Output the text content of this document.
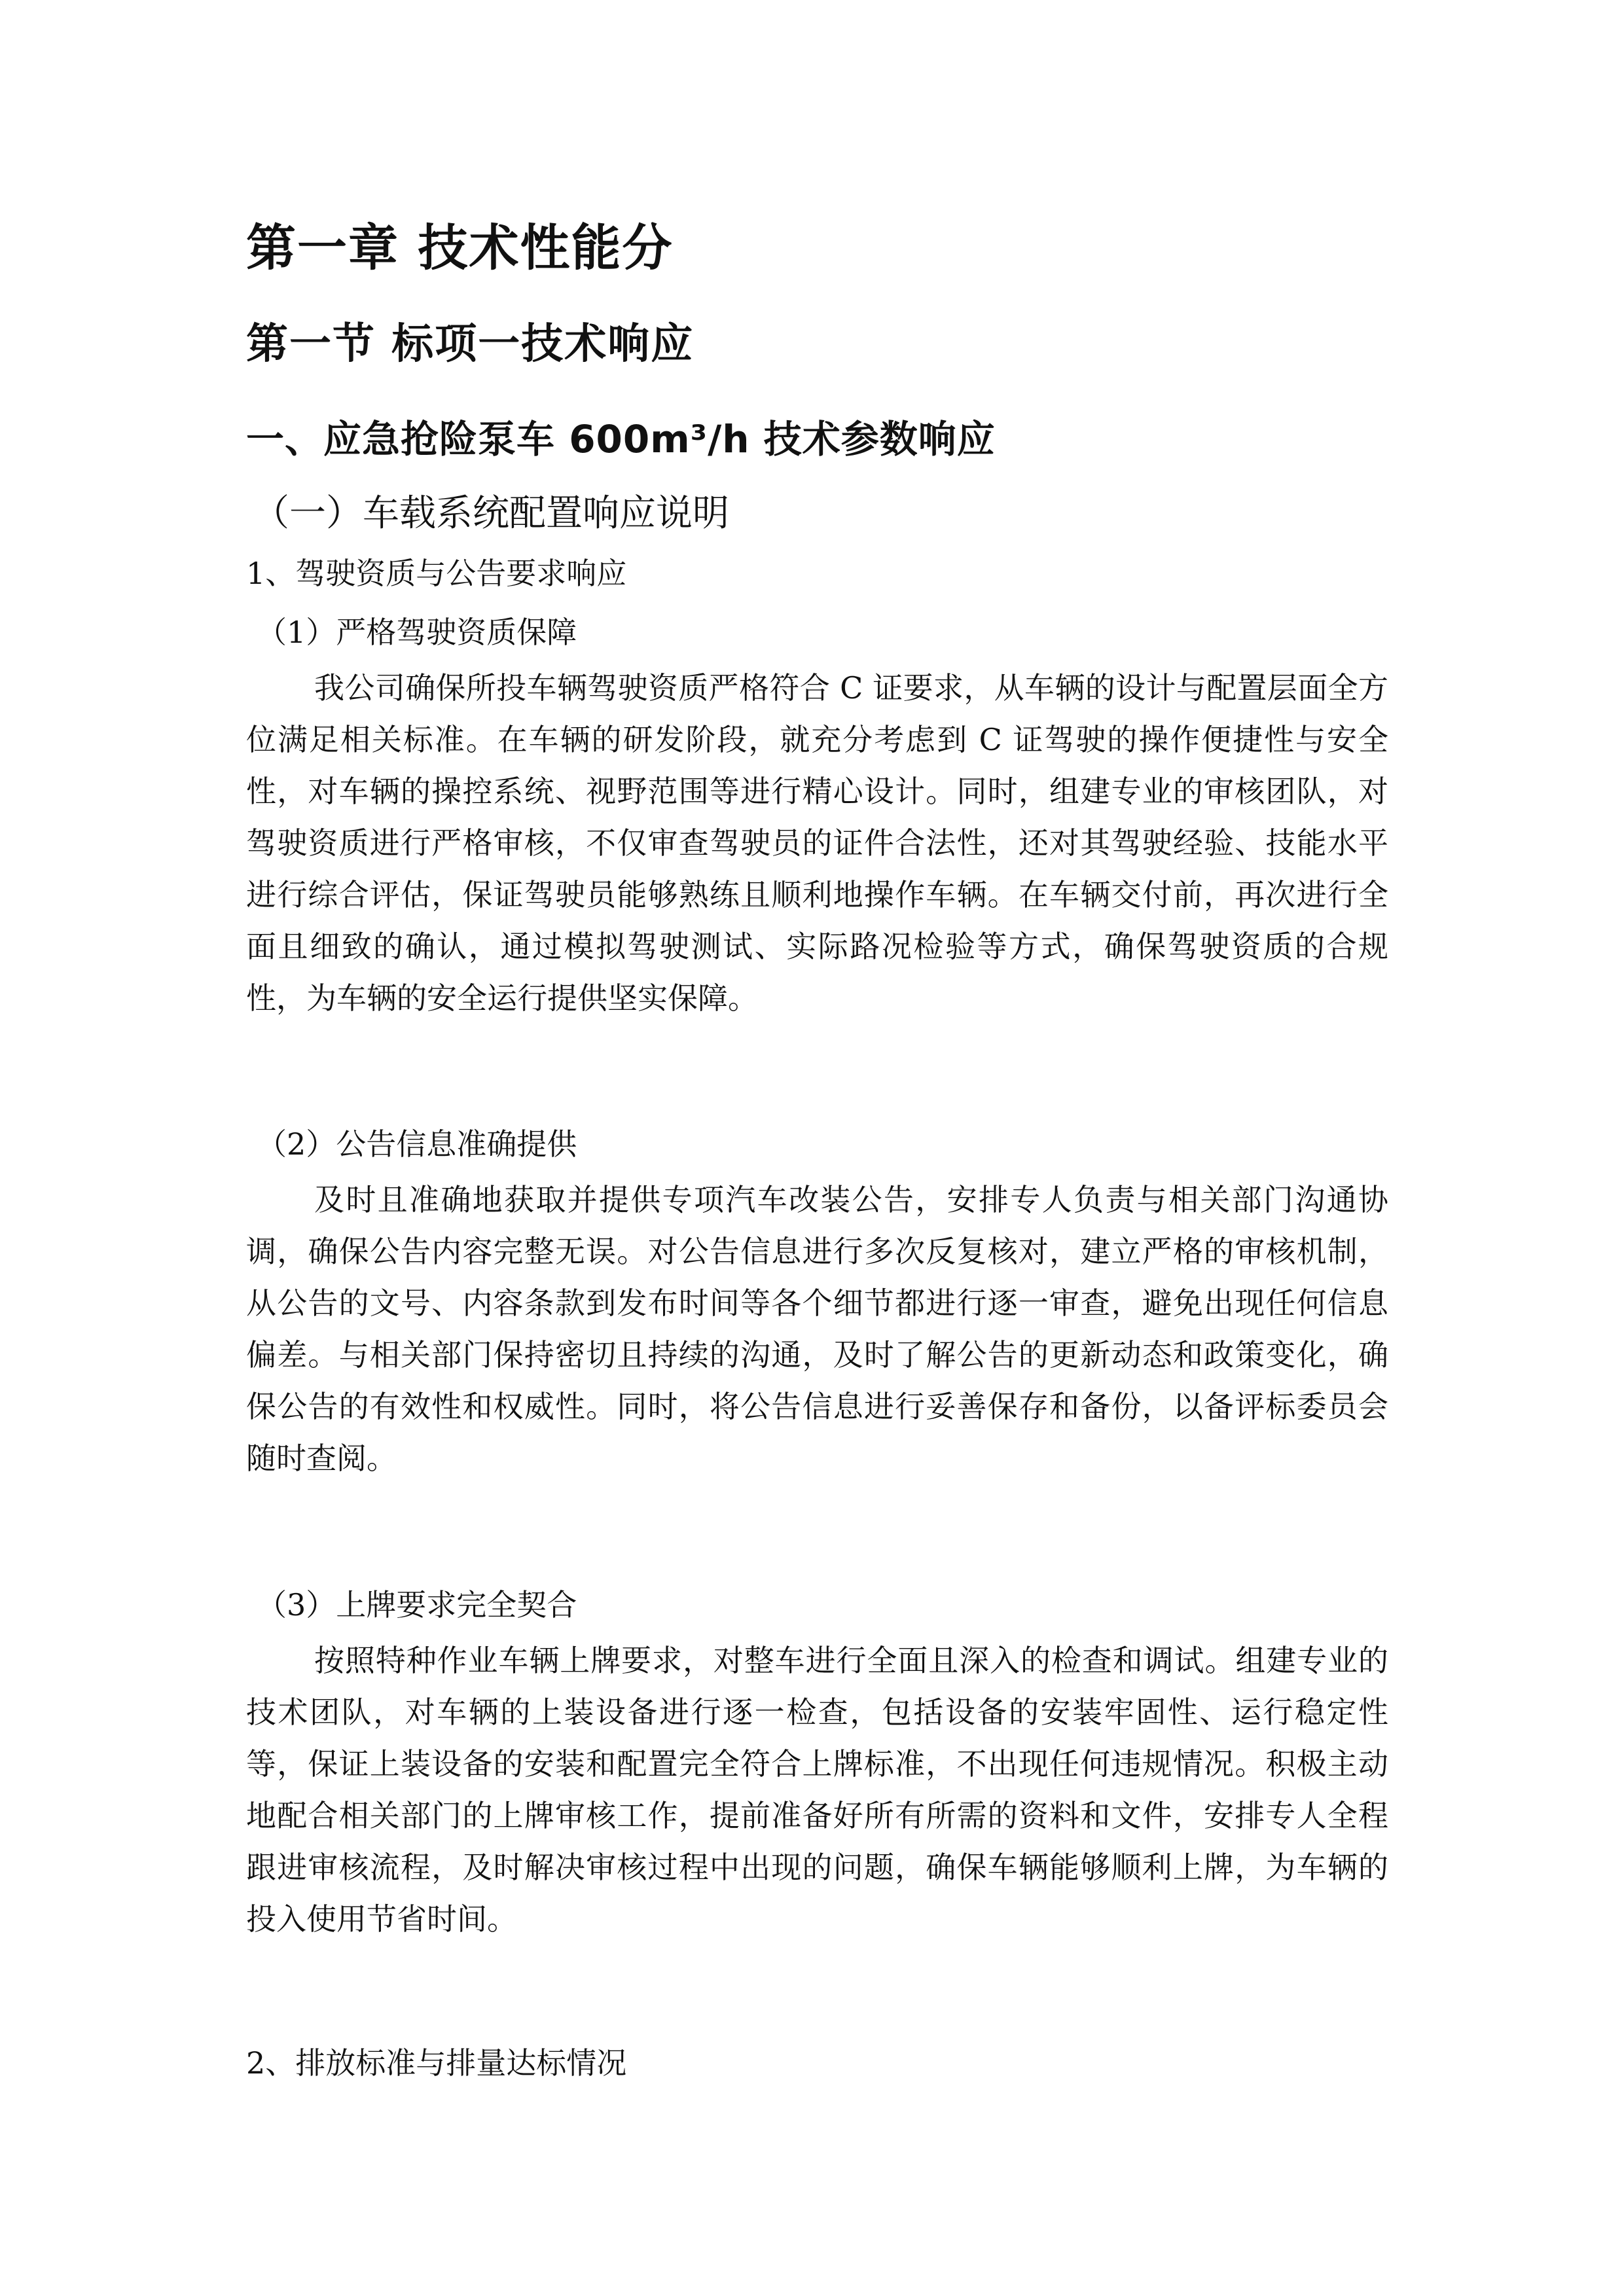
第一章 技术性能分
第一节 标项一技术响应
一、应急抢险泵车 600m³/h 技术参数响应
（一）车载系统配置响应说明
1、驾驶资质与公告要求响应
（1）严格驾驶资质保障

我公司确保所投车辆驾驶资质严格符合 C 证要求，从车辆的设计与配置层面全方位满足相关标准。在车辆的研发阶段，就充分考虑到 C 证驾驶的操作便捷性与安全性，对车辆的操控系统、视野范围等进行精心设计。同时，组建专业的审核团队，对驾驶资质进行严格审核，不仅审查驾驶员的证件合法性，还对其驾驶经验、技能水平进行综合评估，保证驾驶员能够熟练且顺利地操作车辆。在车辆交付前，再次进行全面且细致的确认，通过模拟驾驶测试、实际路况检验等方式，确保驾驶资质的合规性，为车辆的安全运行提供坚实保障。

（2）公告信息准确提供

及时且准确地获取并提供专项汽车改装公告，安排专人负责与相关部门沟通协调，确保公告内容完整无误。对公告信息进行多次反复核对，建立严格的审核机制，从公告的文号、内容条款到发布时间等各个细节都进行逐一审查，避免出现任何信息偏差。与相关部门保持密切且持续的沟通，及时了解公告的更新动态和政策变化，确保公告的有效性和权威性。同时，将公告信息进行妥善保存和备份，以备评标委员会随时查阅。

（3）上牌要求完全契合

按照特种作业车辆上牌要求，对整车进行全面且深入的检查和调试。组建专业的技术团队，对车辆的上装设备进行逐一检查，包括设备的安装牢固性、运行稳定性等，保证上装设备的安装和配置完全符合上牌标准，不出现任何违规情况。积极主动地配合相关部门的上牌审核工作，提前准备好所有所需的资料和文件，安排专人全程跟进审核流程，及时解决审核过程中出现的问题，确保车辆能够顺利上牌，为车辆的投入使用节省时间。

2、排放标准与排量达标情况
